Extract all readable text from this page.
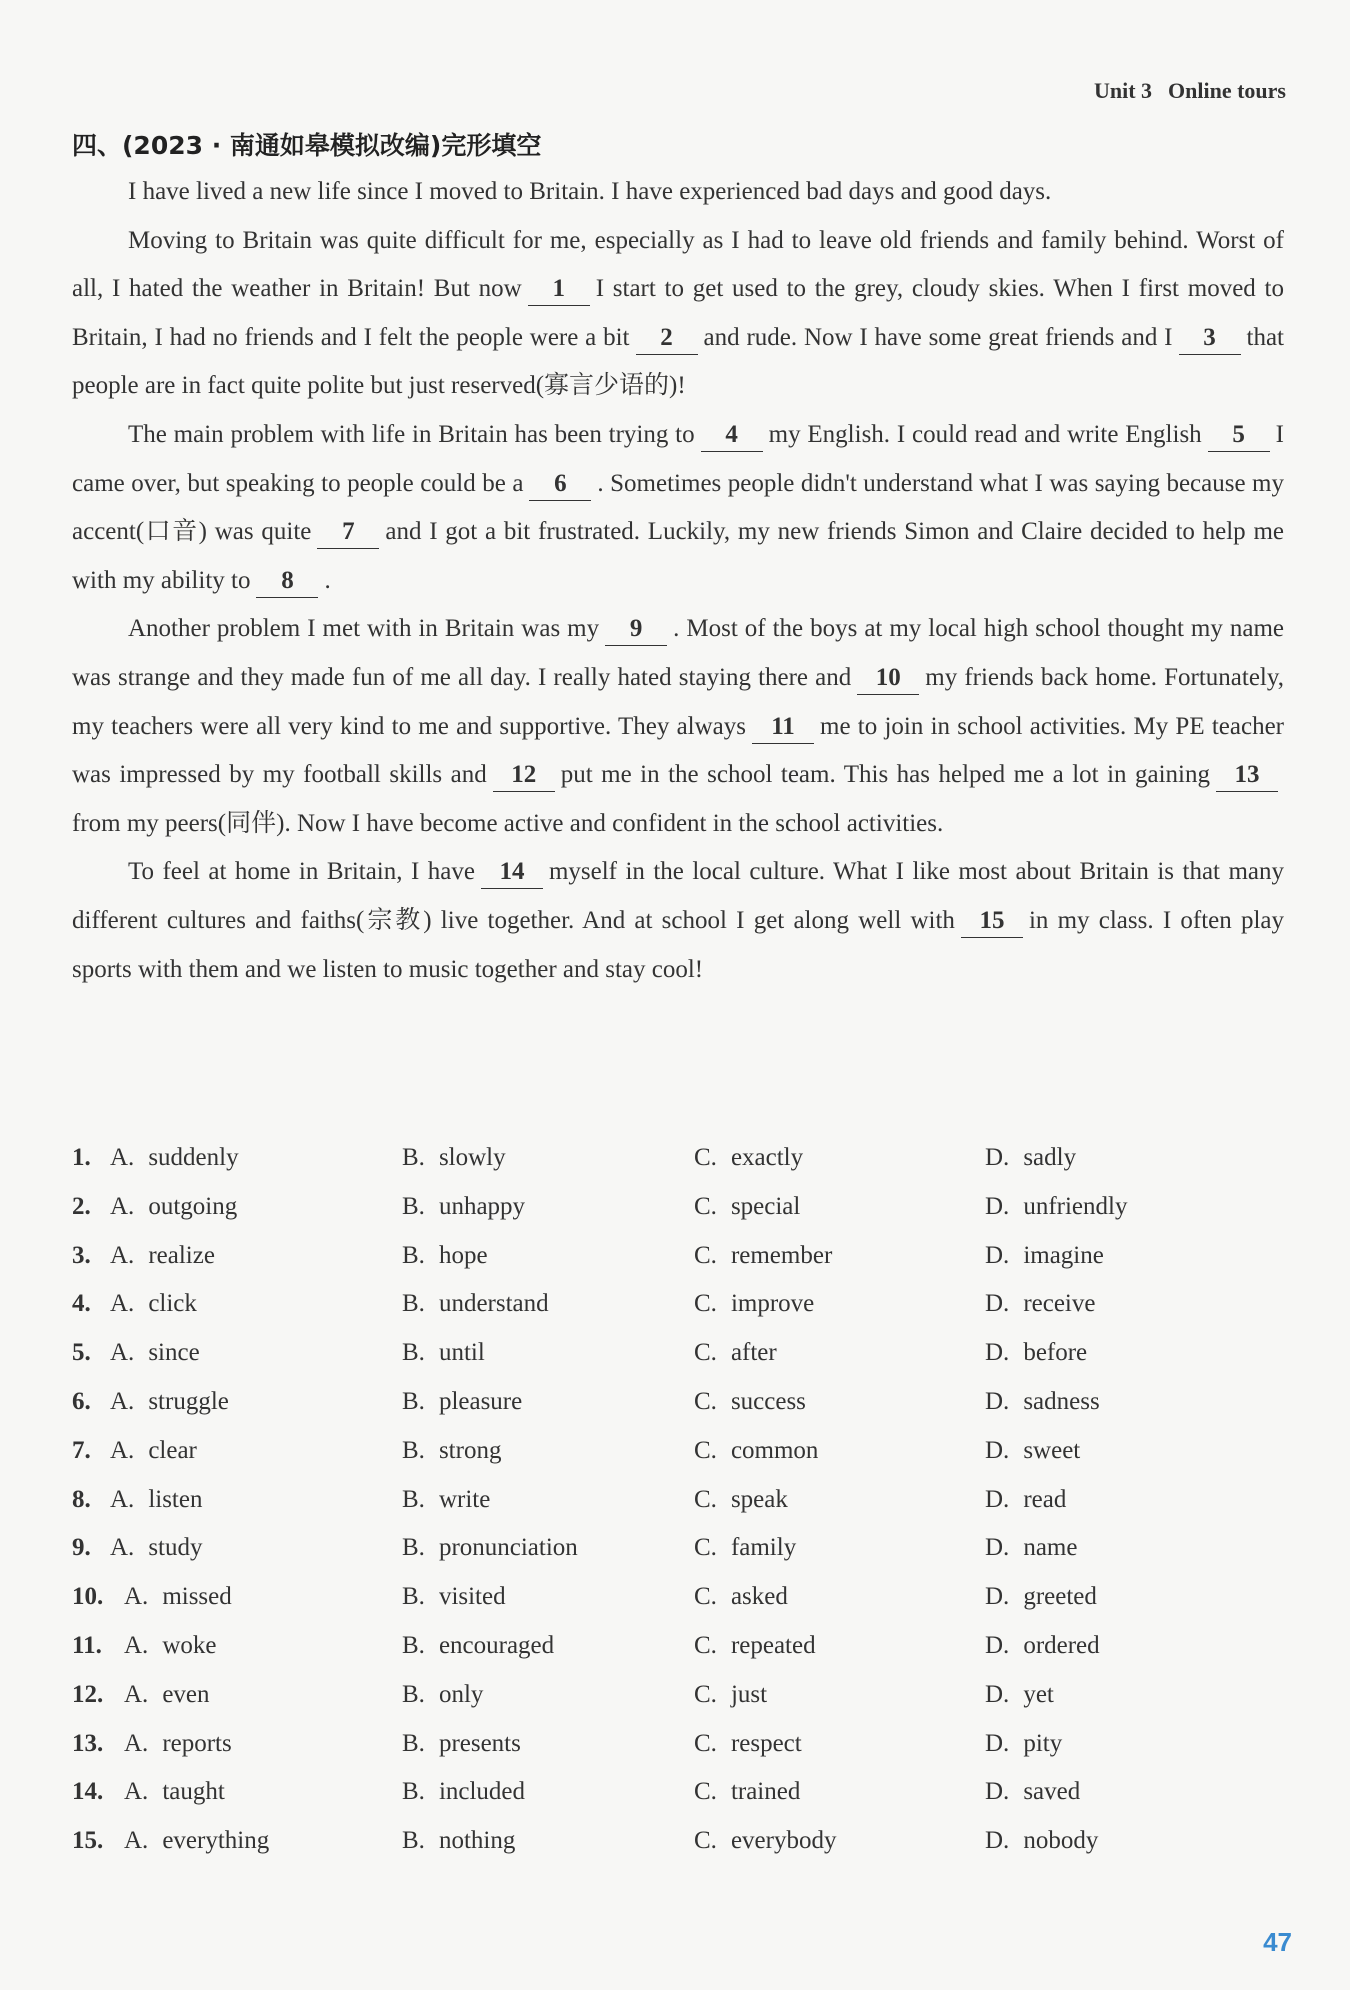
Unit 3 Online tours
四、(2023 · 南通如皋模拟改编)完形填空

I have lived a new life since I moved to Britain. I have experienced bad days and good days.

Moving to Britain was quite difficult for me, especially as I had to leave old friends and family behind. Worst of all, I hated the weather in Britain! But now 1 I start to get used to the grey, cloudy skies. When I first moved to Britain, I had no friends and I felt the people were a bit 2 and rude. Now I have some great friends and I 3 that people are in fact quite polite but just reserved(寡言少语的)!

The main problem with life in Britain has been trying to 4 my English. I could read and write English 5 I came over, but speaking to people could be a 6 . Sometimes people didn't understand what I was saying because my accent(口音) was quite 7 and I got a bit frustrated. Luckily, my new friends Simon and Claire decided to help me with my ability to 8 .

Another problem I met with in Britain was my 9 . Most of the boys at my local high school thought my name was strange and they made fun of me all day. I really hated staying there and 10 my friends back home. Fortunately, my teachers were all very kind to me and supportive. They always 11 me to join in school activities. My PE teacher was impressed by my football skills and 12 put me in the school team. This has helped me a lot in gaining 13from my peers(同伴). Now I have become active and confident in the school activities.

To feel at home in Britain, I have 14 myself in the local culture. What I like most about Britain is that many different cultures and faiths(宗教) live together. And at school I get along well with 15 in my class. I often play sports with them and we listen to music together and stay cool!

1. A. suddenly	B. slowly	C. exactly	D. sadly
2. A. outgoing	B. unhappy	C. special	D. unfriendly
3. A. realize	B. hope	C. remember	D. imagine
4. A. click	B. understand	C. improve	D. receive
5. A. since	B. until	C. after	D. before
6. A. struggle	B. pleasure	C. success	D. sadness
7. A. clear	B. strong	C. common	D. sweet
8. A. listen	B. write	C. speak	D. read
9. A. study	B. pronunciation	C. family	D. name
10. A. missed	B. visited	C. asked	D. greeted
11. A. woke	B. encouraged	C. repeated	D. ordered
12. A. even	B. only	C. just	D. yet
13. A. reports	B. presents	C. respect	D. pity
14. A. taught	B. included	C. trained	D. saved
15. A. everything	B. nothing	C. everybody	D. nobody
47
